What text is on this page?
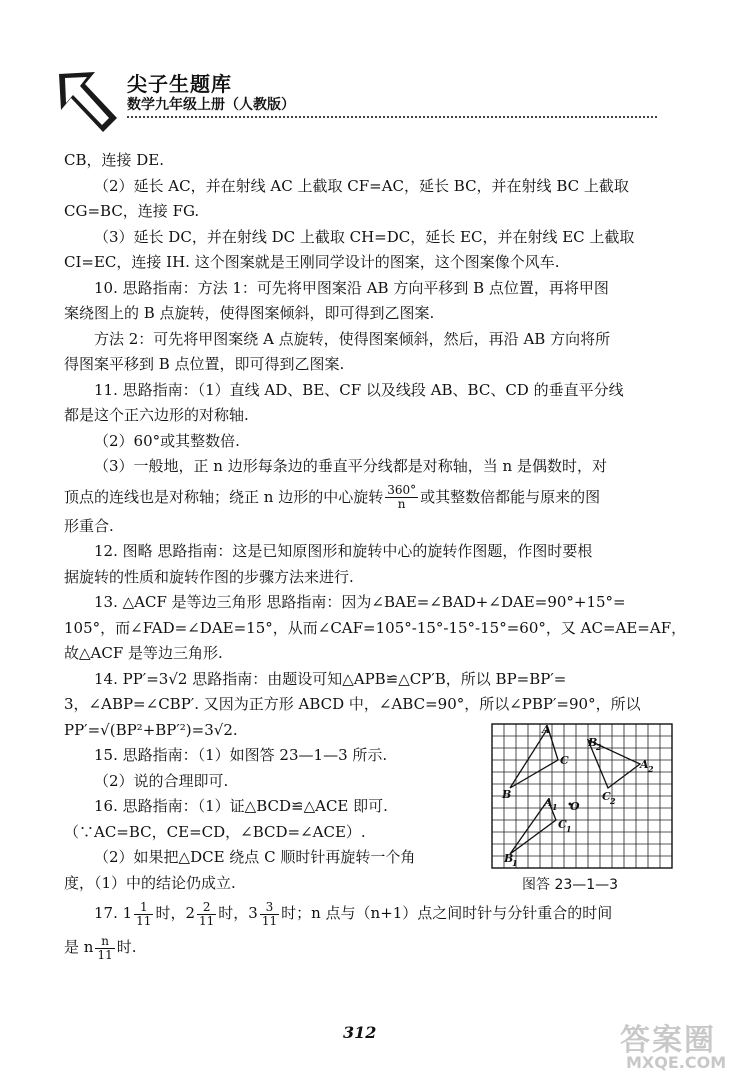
尖子生题库
数学九年级上册（人教版）

CB，连接 DE.

（2）延长 AC，并在射线 AC 上截取 CF=AC，延长 BC，并在射线 BC 上截取

CG=BC，连接 FG.

（3）延长 DC，并在射线 DC 上截取 CH=DC，延长 EC，并在射线 EC 上截取

CI=EC，连接 IH. 这个图案就是王刚同学设计的图案，这个图案像个风车.

10. 思路指南：方法 1：可先将甲图案沿 AB 方向平移到 B 点位置，再将甲图

案绕图上的 B 点旋转，使得图案倾斜，即可得到乙图案.

方法 2：可先将甲图案绕 A 点旋转，使得图案倾斜，然后，再沿 AB 方向将所

得图案平移到 B 点位置，即可得到乙图案.

11. 思路指南：（1）直线 AD、BE、CF 以及线段 AB、BC、CD 的垂直平分线

都是这个正六边形的对称轴.

（2）60°或其整数倍.

（3）一般地，正 n 边形每条边的垂直平分线都是对称轴，当 n 是偶数时，对

顶点的连线也是对称轴；绕正 n 边形的中心旋转 $\frac{360^\circ}{n}$ 或其整数倍都能与原来的图

形重合.

12. 图略 思路指南：这是已知原图形和旋转中心的旋转作图题，作图时要根

据旋转的性质和旋转作图的步骤方法来进行.

13. △ACF 是等边三角形 思路指南：因为∠BAE=∠BAD+∠DAE=90°+15°=

105°，而∠FAD=∠DAE=15°，从而∠CAF=105°-15°-15°-15°=60°，又 AC=AE=AF，

故△ACF 是等边三角形.

14. PP′=3√2 思路指南：由题设可知△APB≌△CP′B，所以 BP=BP′=

3，∠ABP=∠CBP′. 又因为正方形 ABCD 中，∠ABC=90°，所以∠PBP′=90°，所以

PP′=√(BP²+BP′²)=3√2.

15. 思路指南：（1）如图答 23—1—3 所示.

（2）说的合理即可.

16. 思路指南：（1）证△BCD≌△ACE 即可.

（∵AC=BC，CE=CD，∠BCD=∠ACE）.

（2）如果把△DCE 绕点 C 顺时针再旋转一个角

度，（1）中的结论仍成立.

17. $1 \frac{1}{11}$ 时，$2 \frac{2}{11}$ 时，$3 \frac{3}{11}$ 时；n 点与（n+1）点之间时针与分针重合的时间

是 n $\frac{n}{11}$ 时.

A
C
B
2
A 2
B	C 2
A 1 O
C 1
B
1
图答 23—1—3
312	答案圈
MXQE.COM
